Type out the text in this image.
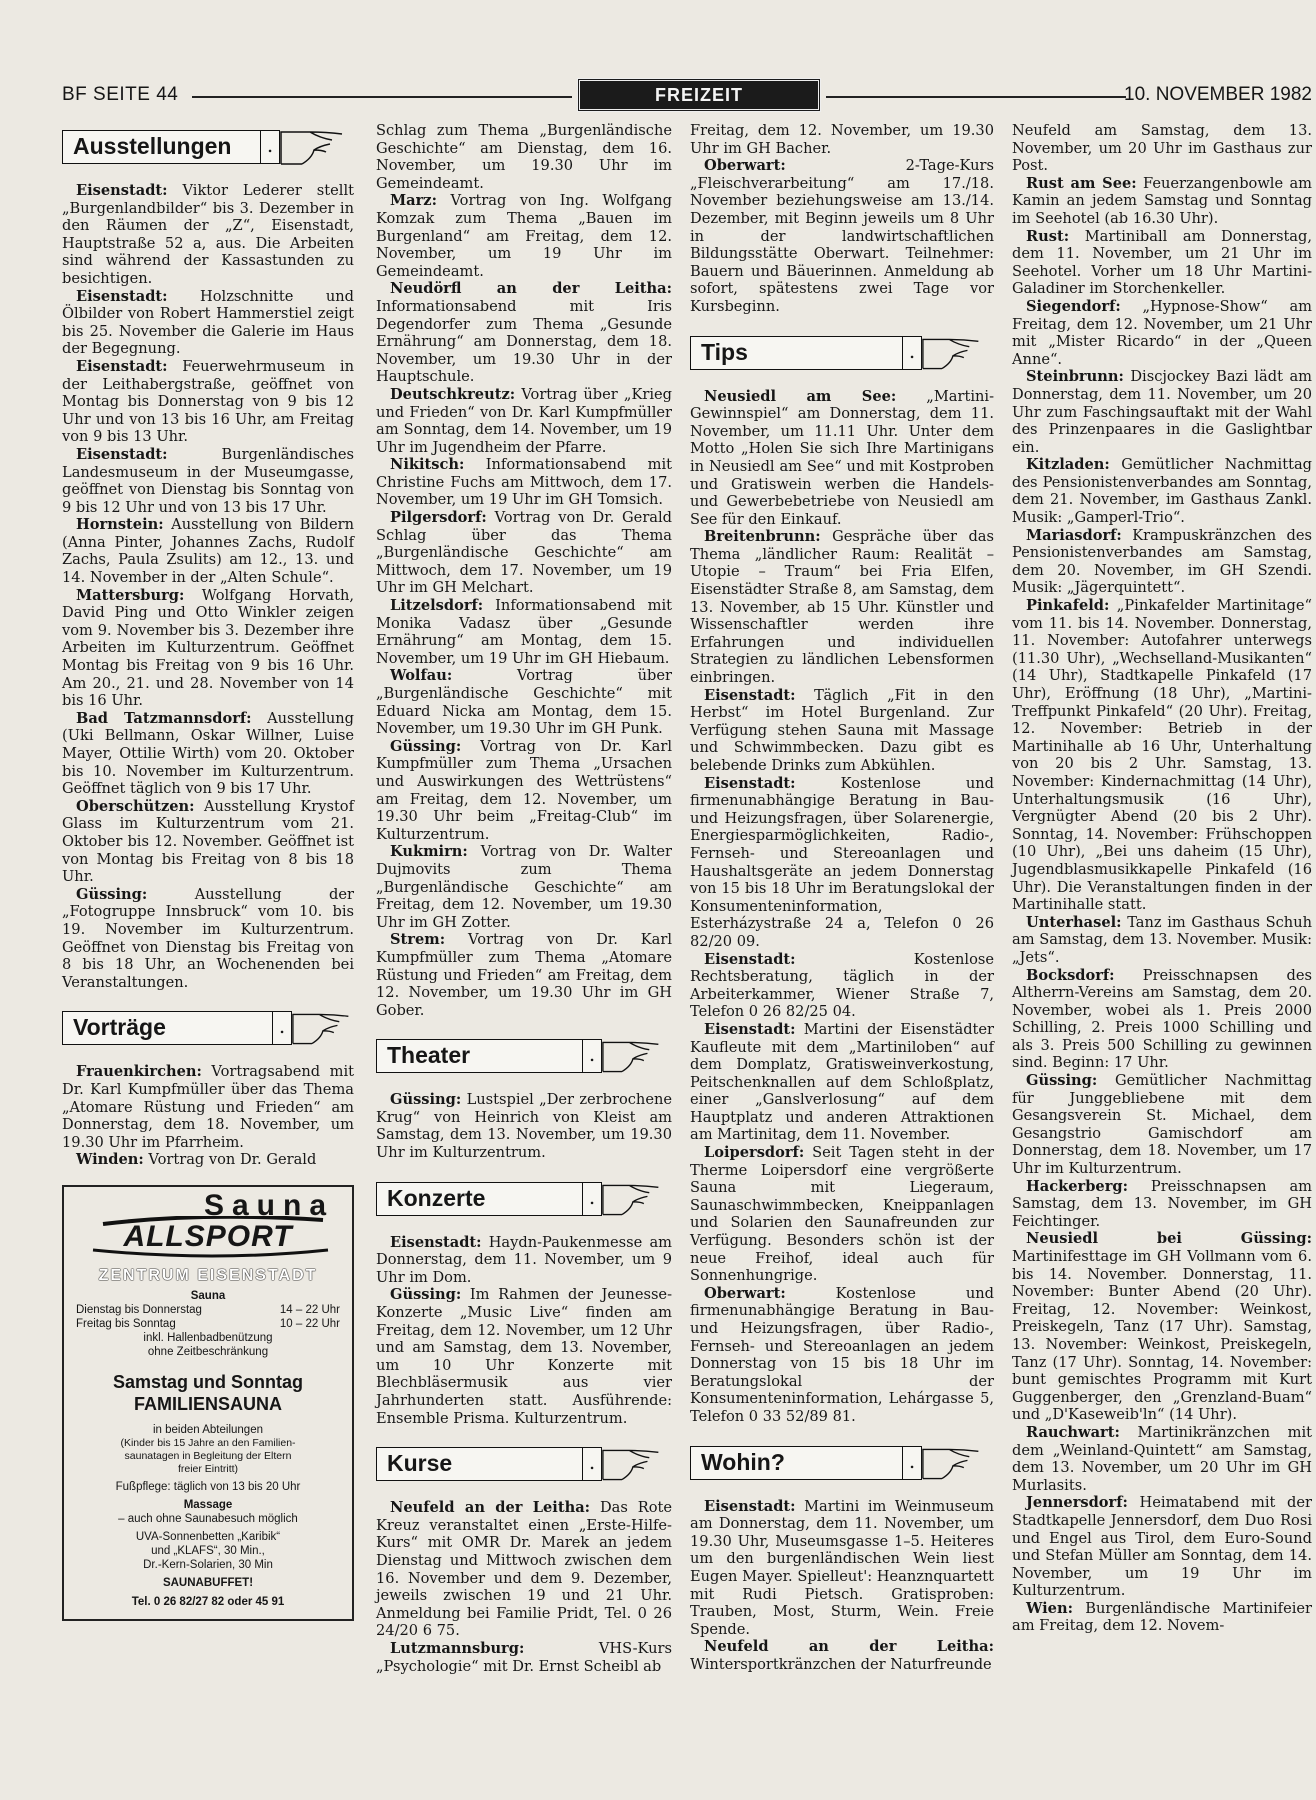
BF SEITE 44	FREIZEIT	10. NOVEMBER 1982
Ausstellungen	.

Eisenstadt: Viktor Lederer stellt „Burgenlandbilder“ bis 3. Dezember in den Räumen der „Z“, Eisenstadt, Hauptstraße 52 a, aus. Die Arbeiten sind während der Kassastunden zu besichtigen.

Eisenstadt: Holzschnitte und Ölbilder von Robert Hammerstiel zeigt bis 25. November die Galerie im Haus der Begegnung.

Eisenstadt: Feuerwehrmuseum in der Leithabergstraße, geöffnet von Montag bis Donnerstag von 9 bis 12 Uhr und von 13 bis 16 Uhr, am Freitag von 9 bis 13 Uhr.

Eisenstadt:	Burgenländisches Landesmuseum in der Museumgasse, geöffnet von Dienstag bis Sonntag von 9 bis 12 Uhr und von 13 bis 17 Uhr.

Hornstein: Ausstellung von Bildern (Anna Pinter, Johannes Zachs, Rudolf Zachs, Paula Zsulits) am 12., 13. und 14. November in der „Alten Schule“.

Mattersburg: Wolfgang Horvath, David Ping und Otto Winkler zeigen vom 9. November bis 3. Dezember ihre Arbeiten im Kulturzentrum. Geöffnet Montag bis Freitag von 9 bis 16 Uhr. Am 20., 21. und 28. November von 14 bis 16 Uhr.

Bad Tatzmannsdorf: Ausstellung (Uki Bellmann, Oskar Willner, Luise Mayer, Ottilie Wirth) vom 20. Oktober bis 10. November im Kulturzentrum. Geöffnet täglich von 9 bis 17 Uhr.

Oberschützen: Ausstellung Krystof Glass im Kulturzentrum vom 21. Oktober bis 12. November. Geöffnet ist von Montag bis Freitag von 8 bis 18 Uhr.

Güssing:	Ausstellung der „Fotogruppe Innsbruck“ vom 10. bis 19. November im Kulturzentrum. Geöffnet von Dienstag bis Freitag von 8 bis 18 Uhr, an Wochenenden bei Veranstaltungen.

Vorträge	.

Frauenkirchen: Vortragsabend mit Dr. Karl Kumpfmüller über das Thema „Atomare Rüstung und Frieden“ am Donnerstag, dem 18. November, um 19.30 Uhr im Pfarrheim.

Winden: Vortrag von Dr. Gerald

Sauna
ALLSPORT
ZENTRUM EISENSTADT
Sauna
Dienstag bis Donnerstag	14 – 22 Uhr
Freitag bis Sonntag	10 – 22 Uhr
inkl. Hallenbadbenützung
ohne Zeitbeschränkung
Samstag und Sonntag
FAMILIENSAUNA
in beiden Abteilungen
(Kinder bis 15 Jahre an den Familien-
saunatagen in Begleitung der Eltern
freier Eintritt)
Fußpflege: täglich von 13 bis 20 Uhr
Massage
– auch ohne Saunabesuch möglich
UVA-Sonnenbetten „Karibik“
und „KLAFS“, 30 Min.,
Dr.-Kern-Solarien, 30 Min
SAUNABUFFET!
Tel. 0 26 82/27 82 oder 45 91

Schlag zum Thema „Burgenländische Geschichte“ am Dienstag, dem 16. November, um 19.30 Uhr im Gemeindeamt.

Marz: Vortrag von Ing. Wolfgang Komzak zum Thema „Bauen im Burgenland“ am Freitag, dem 12. November, um 19 Uhr im Gemeindeamt.

Neudörfl an der Leitha: Informationsabend mit Iris Degendorfer zum Thema „Gesunde Ernährung“ am Donnerstag, dem 18. November, um 19.30 Uhr in der Hauptschule.

Deutschkreutz: Vortrag über „Krieg und Frieden“ von Dr. Karl Kumpfmüller am Sonntag, dem 14. November, um 19 Uhr im Jugendheim der Pfarre.

Nikitsch: Informationsabend mit Christine Fuchs am Mittwoch, dem 17. November, um 19 Uhr im GH Tomsich.

Pilgersdorf: Vortrag von Dr. Gerald Schlag über das Thema „Burgenländische Geschichte“ am Mittwoch, dem 17. November, um 19 Uhr im GH Melchart.

Litzelsdorf: Informationsabend mit Monika Vadasz über „Gesunde Ernährung“ am Montag, dem 15. November, um 19 Uhr im GH Hiebaum.

Wolfau:	Vortrag über „Burgenländische Geschichte“ mit Eduard Nicka am Montag, dem 15. November, um 19.30 Uhr im GH Punk.

Güssing: Vortrag von Dr. Karl Kumpfmüller zum Thema „Ursachen und Auswirkungen des Wettrüstens“ am Freitag, dem 12. November, um 19.30 Uhr beim „Freitag-Club“ im Kulturzentrum.

Kukmirn: Vortrag von Dr. Walter Dujmovits zum Thema „Burgenländische Geschichte“ am Freitag, dem 12. November, um 19.30 Uhr im GH Zotter.

Strem: Vortrag von Dr. Karl Kumpfmüller zum Thema „Atomare Rüstung und Frieden“ am Freitag, dem 12. November, um 19.30 Uhr im GH Gober.

Theater	.

Güssing: Lustspiel „Der zerbrochene Krug“ von Heinrich von Kleist am Samstag, dem 13. November, um 19.30 Uhr im Kulturzentrum.

Konzerte	.

Eisenstadt: Haydn-Paukenmesse am Donnerstag, dem 11. November, um 9 Uhr im Dom.

Güssing: Im Rahmen der Jeunesse-Konzerte „Music Live“ finden am Freitag, dem 12. November, um 12 Uhr und am Samstag, dem 13. November, um 10 Uhr Konzerte mit Blechbläsermusik aus vier Jahrhunderten statt. Ausführende: Ensemble Prisma. Kulturzentrum.

Kurse	.

Neufeld an der Leitha: Das Rote Kreuz veranstaltet einen „Erste-Hilfe-Kurs“ mit OMR Dr. Marek an jedem Dienstag und Mittwoch zwischen dem 16. November und dem 9. Dezember, jeweils zwischen 19 und 21 Uhr. Anmeldung bei Familie Pridt, Tel. 0 26 24/20 6 75.

Lutzmannsburg:	VHS-Kurs „Psychologie“ mit Dr. Ernst Scheibl ab

Freitag, dem 12. November, um 19.30 Uhr im GH Bacher.

Oberwart:	2-Tage-Kurs „Fleischverarbeitung“ am 17./18. November beziehungsweise am 13./14. Dezember, mit Beginn jeweils um 8 Uhr in der landwirtschaftlichen Bildungsstätte Oberwart. Teilnehmer: Bauern und Bäuerinnen. Anmeldung ab sofort, spätestens zwei Tage vor Kursbeginn.

Tips	.

Neusiedl am See: „Martini-Gewinnspiel“ am Donnerstag, dem 11. November, um 11.11 Uhr. Unter dem Motto „Holen Sie sich Ihre Martinigans in Neusiedl am See“ und mit Kostproben und Gratiswein werben die Handels- und Gewerbebetriebe von Neusiedl am See für den Einkauf.

Breitenbrunn: Gespräche über das Thema „ländlicher Raum: Realität – Utopie – Traum“ bei Fria Elfen, Eisenstädter Straße 8, am Samstag, dem 13. November, ab 15 Uhr. Künstler und Wissenschaftler werden ihre Erfahrungen und individuellen Strategien zu ländlichen Lebensformen einbringen.

Eisenstadt: Täglich „Fit in den Herbst“ im Hotel Burgenland. Zur Verfügung stehen Sauna mit Massage und Schwimmbecken. Dazu gibt es belebende Drinks zum Abkühlen.

Eisenstadt:	Kostenlose und firmenunabhängige Beratung in Bau- und Heizungsfragen, über Solarenergie, Energiesparmöglichkeiten, Radio-, Fernseh- und Stereoanlagen und Haushaltsgeräte an jedem Donnerstag von 15 bis 18 Uhr im Beratungslokal der Konsumenteninformation, Esterházystraße 24 a, Telefon 0 26 82/20 09.

Eisenstadt:	Kostenlose Rechtsberatung, täglich in der Arbeiterkammer, Wiener Straße 7, Telefon 0 26 82/25 04.

Eisenstadt: Martini der Eisenstädter Kaufleute mit dem „Martiniloben“ auf dem Domplatz, Gratisweinverkostung, Peitschenknallen auf dem Schloßplatz, einer „Ganslverlosung“ auf dem Hauptplatz und anderen Attraktionen am Martinitag, dem 11. November.

Loipersdorf: Seit Tagen steht in der Therme Loipersdorf eine vergrößerte Sauna mit Liegeraum, Saunaschwimmbecken, Kneippanlagen und Solarien den Saunafreunden zur Verfügung. Besonders schön ist der neue Freihof, ideal auch für Sonnenhungrige.

Oberwart:	Kostenlose und firmenunabhängige Beratung in Bau- und Heizungsfragen, über Radio-, Fernseh- und Stereoanlagen an jedem Donnerstag von 15 bis 18 Uhr im Beratungslokal der Konsumenteninformation, Lehárgasse 5, Telefon 0 33 52/89 81.

Wohin?	.

Eisenstadt: Martini im Weinmuseum am Donnerstag, dem 11. November, um 19.30 Uhr, Museumsgasse 1–5. Heiteres um den burgenländischen Wein liest Eugen Mayer. Spielleut': Heanznquartett mit Rudi Pietsch. Gratisproben: Trauben, Most, Sturm, Wein. Freie Spende.

Neufeld an der Leitha: Wintersportkränzchen der Naturfreunde

Neufeld am Samstag, dem 13. November, um 20 Uhr im Gasthaus zur Post.

Rust am See: Feuerzangenbowle am Kamin an jedem Samstag und Sonntag im Seehotel (ab 16.30 Uhr).

Rust: Martiniball am Donnerstag, dem 11. November, um 21 Uhr im Seehotel. Vorher um 18 Uhr Martini-Galadiner im Storchenkeller.

Siegendorf: „Hypnose-Show“ am Freitag, dem 12. November, um 21 Uhr mit „Mister Ricardo“ in der „Queen Anne“.

Steinbrunn: Discjockey Bazi lädt am Donnerstag, dem 11. November, um 20 Uhr zum Faschingsauftakt mit der Wahl des Prinzenpaares in die Gaslightbar ein.

Kitzladen: Gemütlicher Nachmittag des Pensionistenverbandes am Sonntag, dem 21. November, im Gasthaus Zankl. Musik: „Gamperl-Trio“.

Mariasdorf: Krampuskränzchen des Pensionistenverbandes am Samstag, dem 20. November, im GH Szendi. Musik: „Jägerquintett“.

Pinkafeld: „Pinkafelder Martinitage“ vom 11. bis 14. November. Donnerstag, 11. November: Autofahrer unterwegs (11.30 Uhr), „Wechselland-Musikanten“ (14 Uhr), Stadtkapelle Pinkafeld (17 Uhr), Eröffnung (18 Uhr), „Martini-Treffpunkt Pinkafeld“ (20 Uhr). Freitag, 12. November: Betrieb in der Martinihalle ab 16 Uhr, Unterhaltung von 20 bis 2 Uhr. Samstag, 13. November: Kindernachmittag (14 Uhr), Unterhaltungsmusik (16 Uhr), Vergnügter Abend (20 bis 2 Uhr). Sonntag, 14. November: Frühschoppen (10 Uhr), „Bei uns daheim (15 Uhr), Jugendblasmusikkapelle Pinkafeld (16 Uhr). Die Veranstaltungen finden in der Martinihalle statt.

Unterhasel: Tanz im Gasthaus Schuh am Samstag, dem 13. November. Musik: „Jets“.

Bocksdorf: Preisschnapsen des Altherrn-Vereins am Samstag, dem 20. November, wobei als 1. Preis 2000 Schilling, 2. Preis 1000 Schilling und als 3. Preis 500 Schilling zu gewinnen sind. Beginn: 17 Uhr.

Güssing: Gemütlicher Nachmittag für Junggebliebene mit dem Gesangsverein St. Michael, dem Gesangstrio Gamischdorf am Donnerstag, dem 18. November, um 17 Uhr im Kulturzentrum.

Hackerberg: Preisschnapsen am Samstag, dem 13. November, im GH Feichtinger.

Neusiedl bei Güssing: Martinifesttage im GH Vollmann vom 6. bis 14. November. Donnerstag, 11. November: Bunter Abend (20 Uhr). Freitag, 12. November: Weinkost, Preiskegeln, Tanz (17 Uhr). Samstag, 13. November: Weinkost, Preiskegeln, Tanz (17 Uhr). Sonntag, 14. November: bunt gemischtes Programm mit Kurt Guggenberger, den „Grenzland-Buam“ und „D'Kaseweib'ln“ (14 Uhr).

Rauchwart: Martinikränzchen mit dem „Weinland-Quintett“ am Samstag, dem 13. November, um 20 Uhr im GH Murlasits.

Jennersdorf: Heimatabend mit der Stadtkapelle Jennersdorf, dem Duo Rosi und Engel aus Tirol, dem Euro-Sound und Stefan Müller am Sonntag, dem 14. November, um 19 Uhr im Kulturzentrum.

Wien: Burgenländische Martinifeier am Freitag, dem 12. Novem-
